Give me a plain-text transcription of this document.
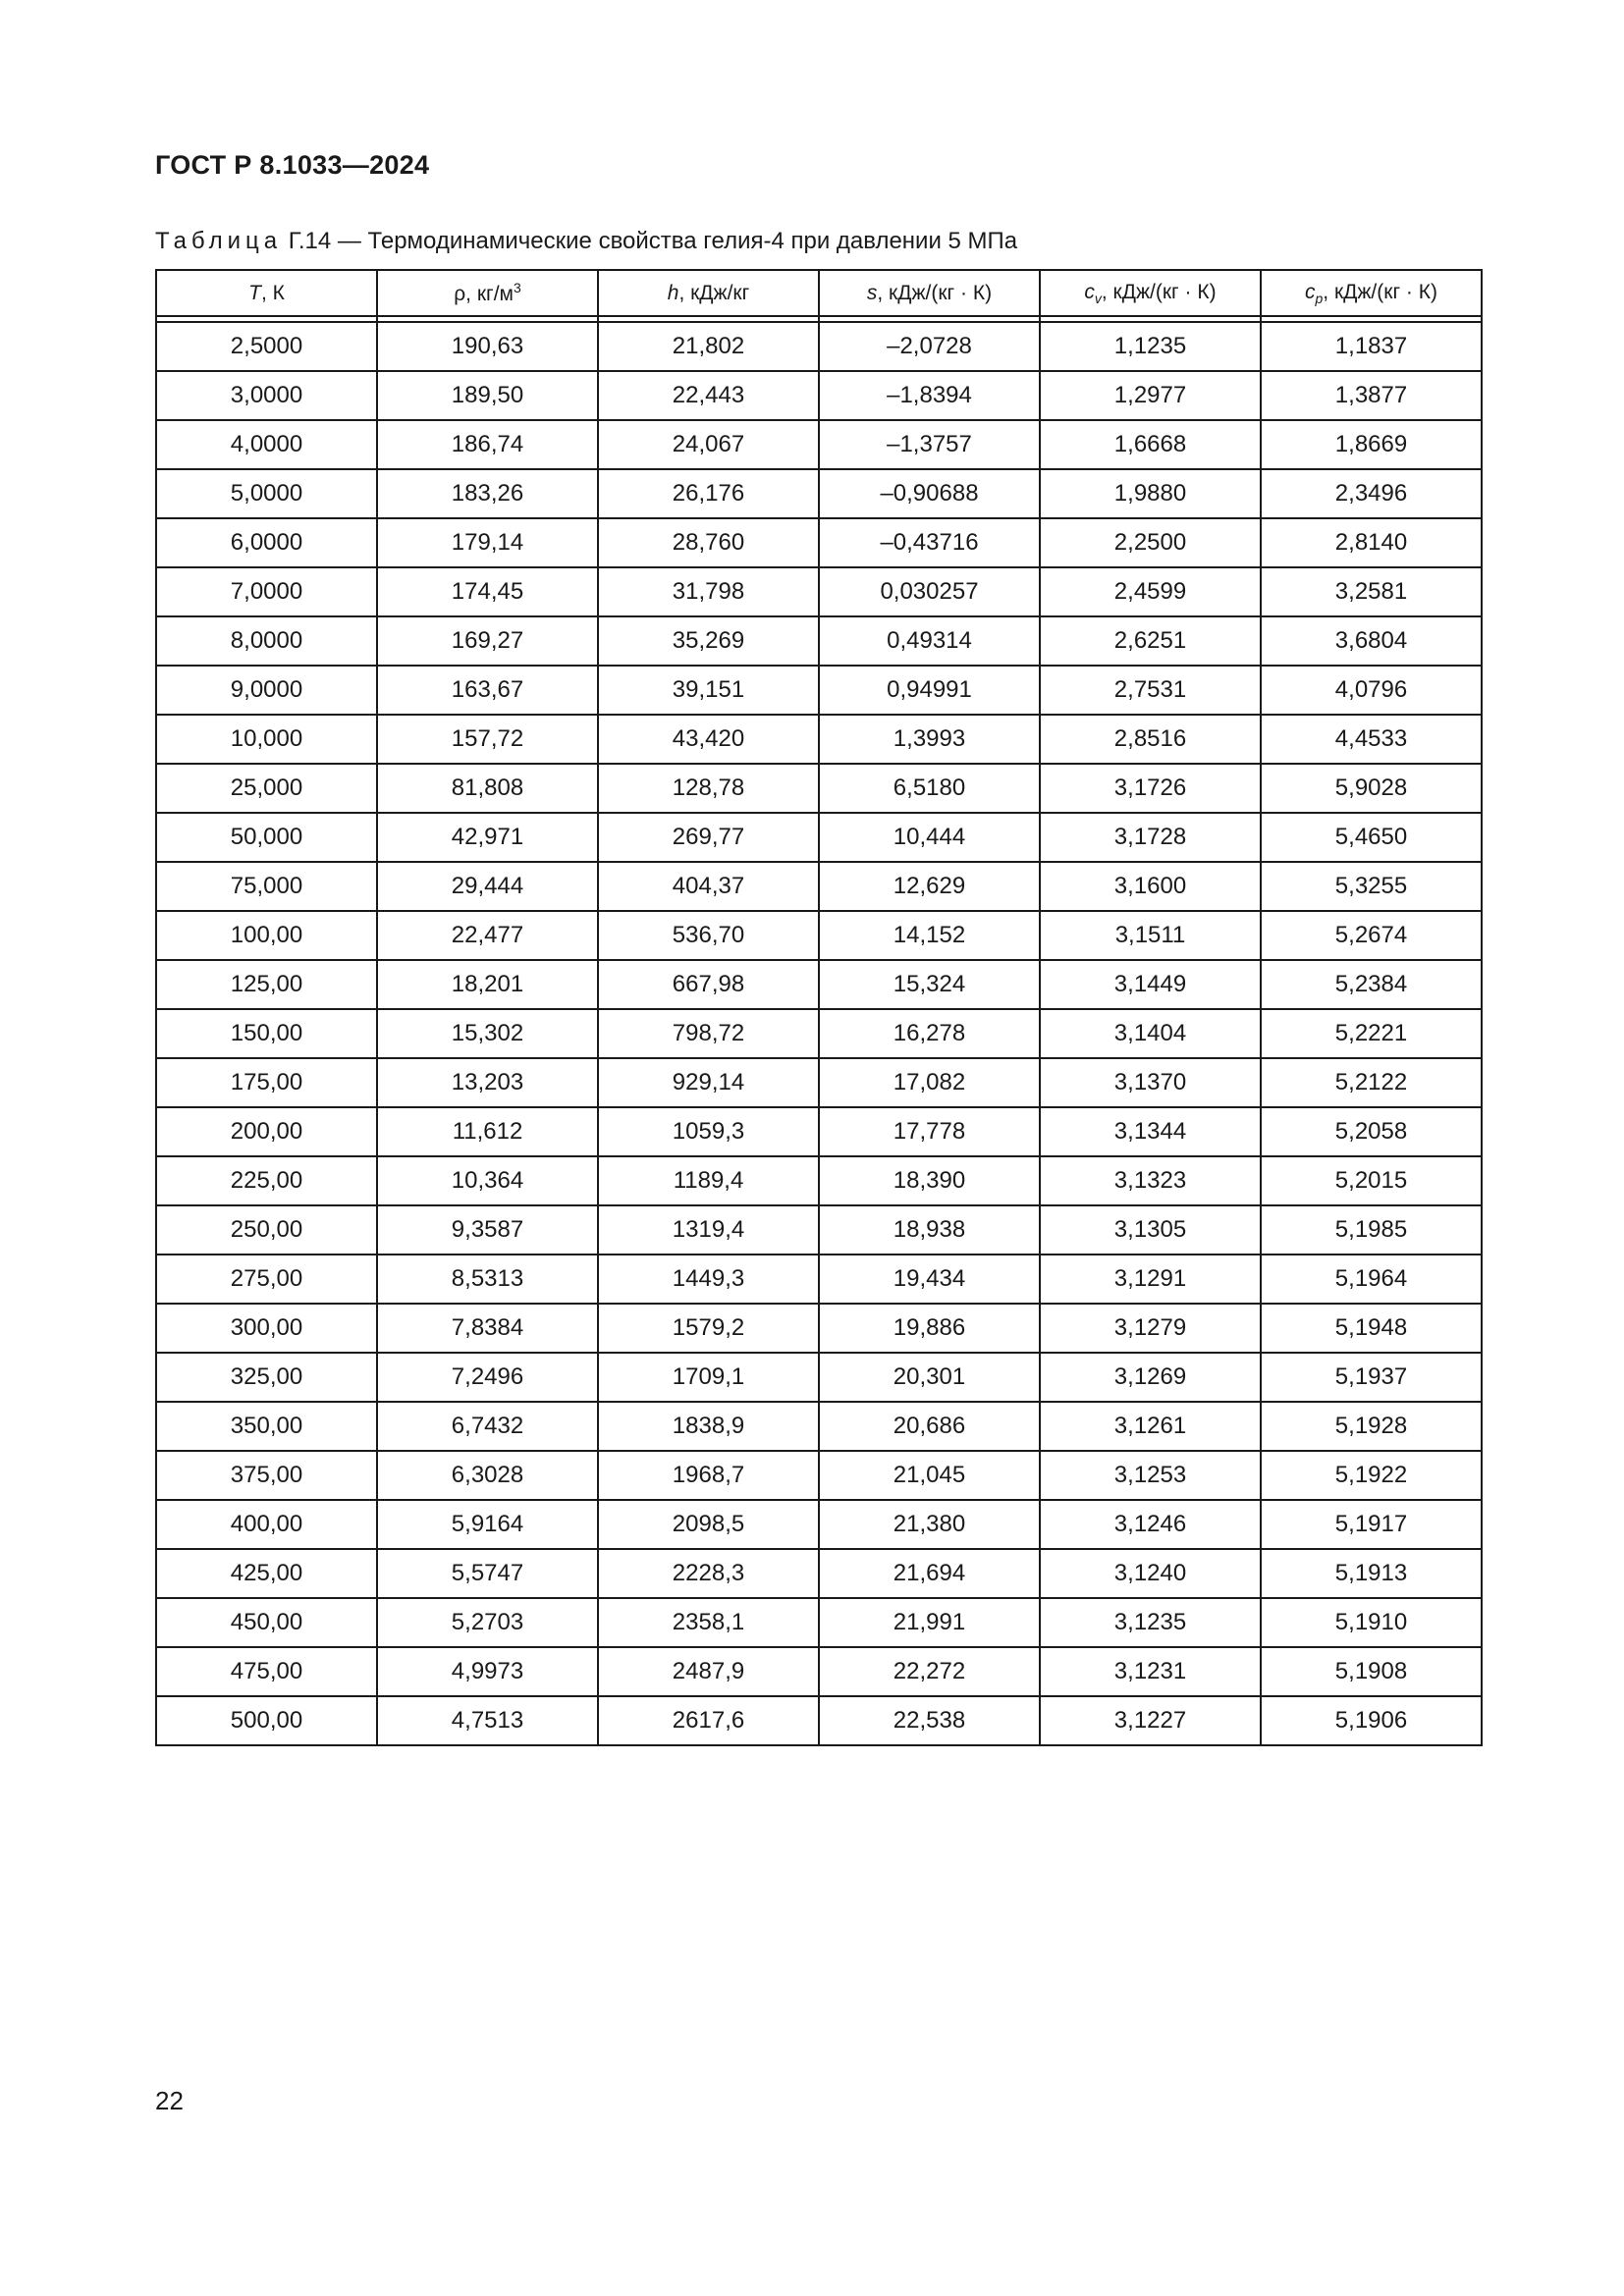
ГОСТ Р 8.1033—2024
Таблица Г.14 — Термодинамические свойства гелия-4 при давлении 5 МПа
T, К	ρ, $кг/м^3$	h, кДж/кг	s, кДж/(кг · К)	$c_v$, кДж/(кг · К)	$c_p$, кДж/(кг · К)

2,5000	190,63	21,802	–2,0728	1,1235	1,1837
3,0000	189,50	22,443	–1,8394	1,2977	1,3877
4,0000	186,74	24,067	–1,3757	1,6668	1,8669
5,0000	183,26	26,176	–0,90688	1,9880	2,3496
6,0000	179,14	28,760	–0,43716	2,2500	2,8140
7,0000	174,45	31,798	0,030257	2,4599	3,2581
8,0000	169,27	35,269	0,49314	2,6251	3,6804
9,0000	163,67	39,151	0,94991	2,7531	4,0796
10,000	157,72	43,420	1,3993	2,8516	4,4533
25,000	81,808	128,78	6,5180	3,1726	5,9028
50,000	42,971	269,77	10,444	3,1728	5,4650
75,000	29,444	404,37	12,629	3,1600	5,3255
100,00	22,477	536,70	14,152	3,1511	5,2674
125,00	18,201	667,98	15,324	3,1449	5,2384
150,00	15,302	798,72	16,278	3,1404	5,2221
175,00	13,203	929,14	17,082	3,1370	5,2122
200,00	11,612	1059,3	17,778	3,1344	5,2058
225,00	10,364	1189,4	18,390	3,1323	5,2015
250,00	9,3587	1319,4	18,938	3,1305	5,1985
275,00	8,5313	1449,3	19,434	3,1291	5,1964
300,00	7,8384	1579,2	19,886	3,1279	5,1948
325,00	7,2496	1709,1	20,301	3,1269	5,1937
350,00	6,7432	1838,9	20,686	3,1261	5,1928
375,00	6,3028	1968,7	21,045	3,1253	5,1922
400,00	5,9164	2098,5	21,380	3,1246	5,1917
425,00	5,5747	2228,3	21,694	3,1240	5,1913
450,00	5,2703	2358,1	21,991	3,1235	5,1910
475,00	4,9973	2487,9	22,272	3,1231	5,1908
500,00	4,7513	2617,6	22,538	3,1227	5,1906
22
